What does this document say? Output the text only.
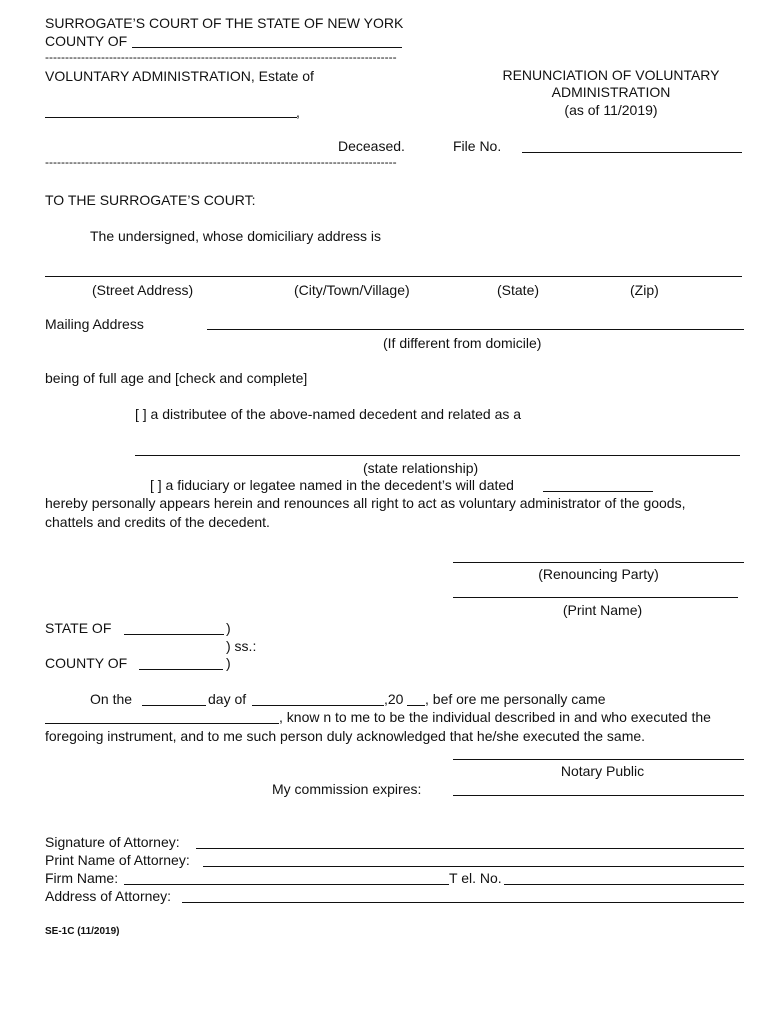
SURROGATE’S COURT OF THE STATE OF NEW YORK
COUNTY OF
----------------------------------------------------------------------------------------
VOLUNTARY ADMINISTRATION, Estate of
,
RENUNCIATION OF VOLUNTARY
ADMINISTRATION
(as of 11/2019)
Deceased.	File No.
----------------------------------------------------------------------------------------
TO THE SURROGATE’S COURT:
The undersigned, whose domiciliary address is
(Street Address)	(City/Town/Village)	(State)	(Zip)
Mailing Address
(If different from domicile)
being of full age and [check and complete]
[ ] a distributee of the above-named decedent and related as a
(state relationship)
[ ] a fiduciary or legatee named in the decedent’s will dated
hereby personally appears herein and renounces all right to act as voluntary administrator of the goods,
chattels and credits of the decedent.
(Renouncing Party)
(Print Name)
STATE OF	)
) ss.:
COUNTY OF	)
On the	day of	,20 , bef ore me personally came
, know n to me to be the individual described in and who executed the
foregoing instrument, and to me such person duly acknowledged that he/she executed the same.
Notary Public
My commission expires:
Signature of Attorney:
Print Name of Attorney:
Firm Name:	T el. No.
Address of Attorney:
SE-1C (11/2019)
